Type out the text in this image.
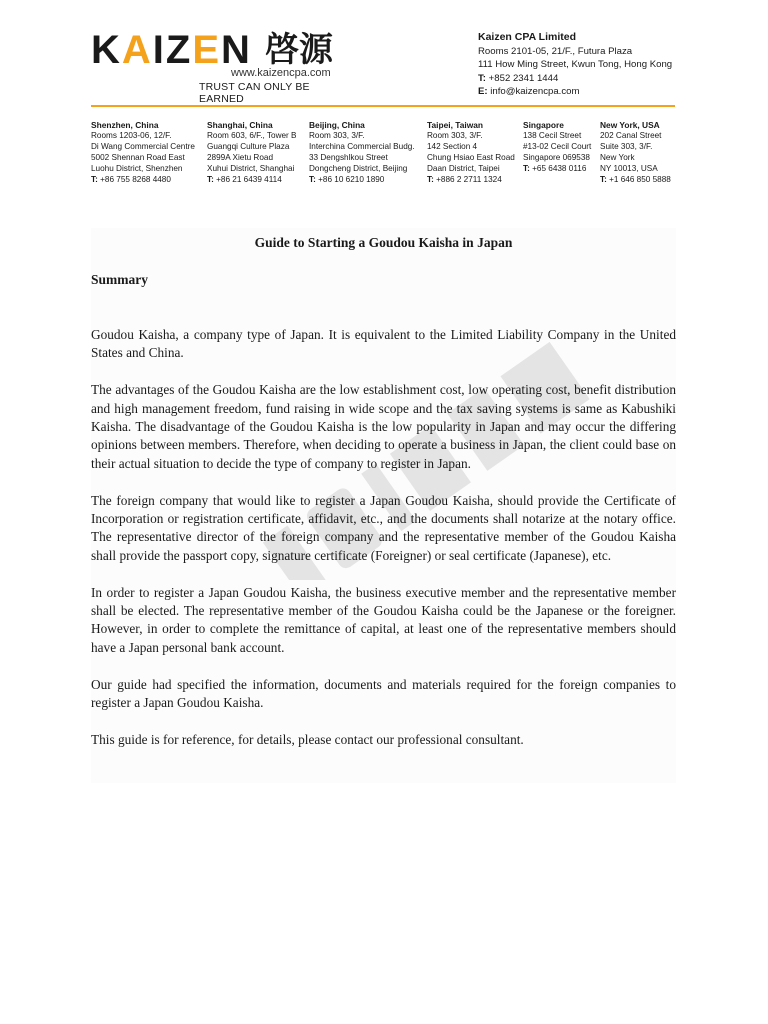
KAIZEN 啓源
www.kaizencpa.com
TRUST CAN ONLY BE EARNED
Kaizen CPA Limited
Rooms 2101-05, 21/F., Futura Plaza
111 How Ming Street, Kwun Tong, Hong Kong
T: +852 2341 1444
E: info@kaizencpa.com
Shenzhen, China
Rooms 1203-06, 12/F.
Di Wang Commercial Centre
5002 Shennan Road East
Luohu District, Shenzhen
T: +86 755 8268 4480
Shanghai, China
Room 603, 6/F., Tower B
Guangqi Culture Plaza
2899A Xietu Road
Xuhui District, Shanghai
T: +86 21 6439 4114
Beijing, China
Room 303, 3/F.
Interchina Commercial Budg.
33 Dengshlkou Street
Dongcheng District, Beijing
T: +86 10 6210 1890
Taipei, Taiwan
Room 303, 3/F.
142 Section 4
Chung Hsiao East Road
Daan District, Taipei
T: +886 2 2711 1324
Singapore
138 Cecil Street
#13-02 Cecil Court
Singapore 069538
T: +65 6438 0116
New York, USA
202 Canal Street
Suite 303, 3/F.
New York
NY 10013, USA
T: +1 646 850 5888
Guide to Starting a Goudou Kaisha in Japan
Summary

Goudou Kaisha, a company type of Japan. It is equivalent to the Limited Liability Company in the United States and China.

The advantages of the Goudou Kaisha are the low establishment cost, low operating cost, benefit distribution and high management freedom, fund raising in wide scope and the tax saving systems is same as Kabushiki Kaisha. The disadvantage of the Goudou Kaisha is the low popularity in Japan and may occur the differing opinions between members. Therefore, when deciding to operate a business in Japan, the client could base on their actual situation to decide the type of company to register in Japan.

The foreign company that would like to register a Japan Goudou Kaisha, should provide the Certificate of Incorporation or registration certificate, affidavit, etc., and the documents shall notarize at the notary office. The representative director of the foreign company and the representative member of the Goudou Kaisha shall provide the passport copy, signature certificate (Foreigner) or seal certificate (Japanese), etc.

In order to register a Japan Goudou Kaisha, the business executive member and the representative member shall be elected. The representative member of the Goudou Kaisha could be the Japanese or the foreigner. However, in order to complete the remittance of capital, at least one of the representative members should have a Japan personal bank account.

Our guide had specified the information, documents and materials required for the foreign companies to register a Japan Goudou Kaisha.

This guide is for reference, for details, please contact our professional consultant.
